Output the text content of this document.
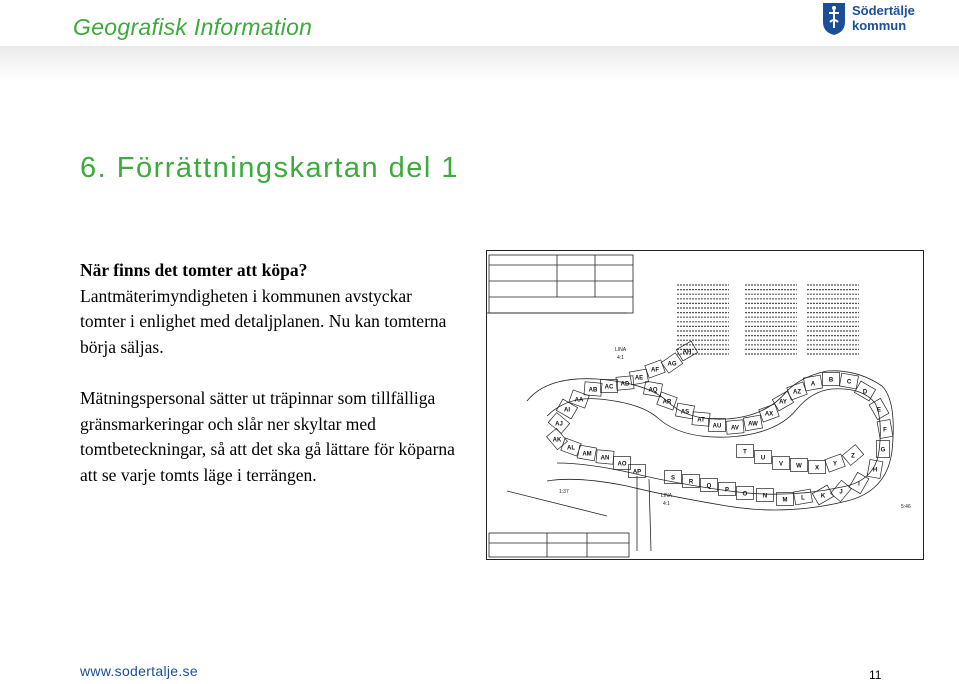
Geografisk Information
Södertälje
kommun
6. Förrättningskartan del 1

När finns det tomter att köpa?

Lantmäterimyndigheten i kommunen avstyckar tomter i enlighet med detaljplanen. Nu kan tomterna börja säljas.

Mätningspersonal sätter ut träpinnar som tillfälliga gränsmarkeringar och slår ner skyltar med tomtbeteckningar, så att det ska gå lättare för köparna att se varje tomts läge i terrängen.

AH
AG
AF
AE
AD
AC
AB
AA
AI
AJ
AK
AL
AM
AN
AO
AP
AQ
AR
AS
AT
AU AV
AW
AX
AY
AZ
A
B C
D
E
F
G
H
I
J
K
L
M
N
O
P
Q
R
S
T
U
V W X
Y
Z
LINA
4:1
LINA
4:1
1:37
5:46
www.sodertalje.se	11
